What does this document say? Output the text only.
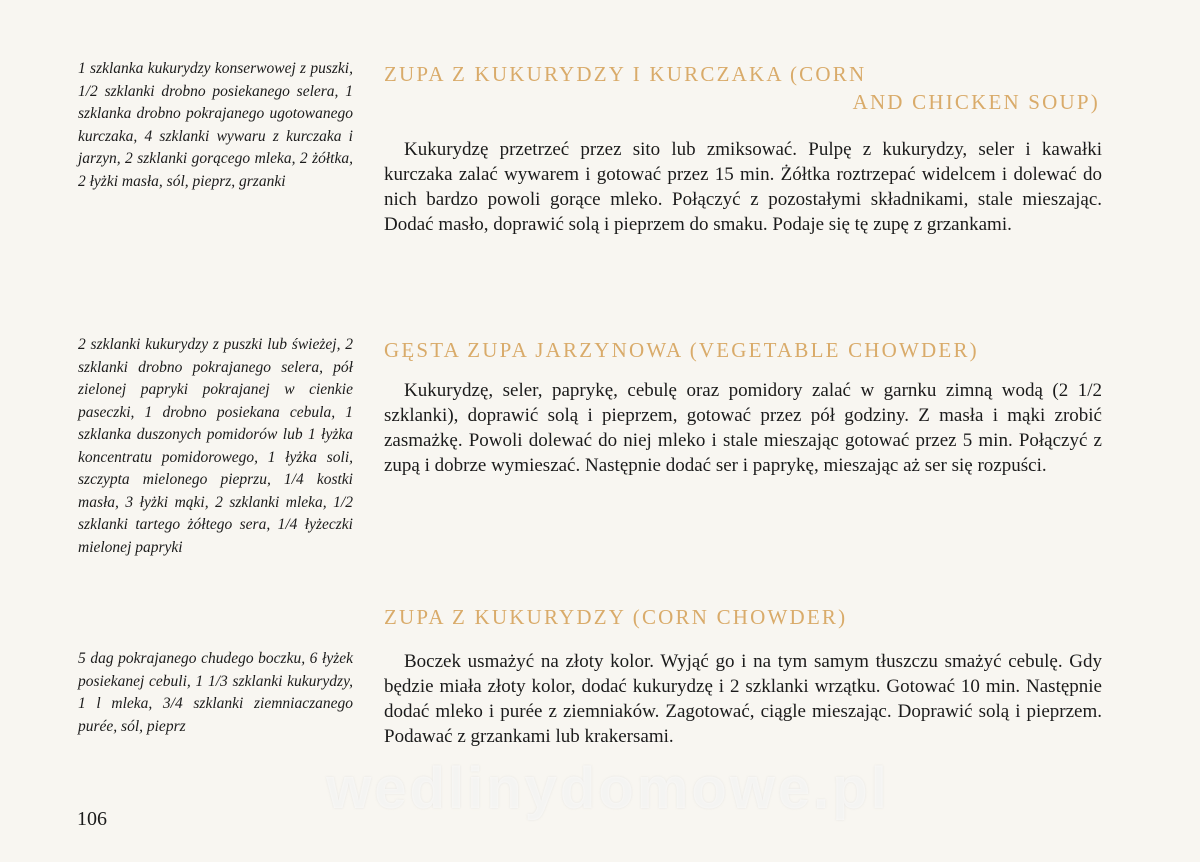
1 szklanka kukurydzy konserwowej z puszki, 1/2 szklanki drobno posiekanego selera, 1 szklanka drobno pokrajanego ugotowanego kurczaka, 4 szklanki wywaru z kurczaka i jarzyn, 2 szklanki gorącego mleka, 2 żółtka, 2 łyżki masła, sól, pieprz, grzanki

ZUPA Z KUKURYDZY I KURCZAKA (CORN
AND CHICKEN SOUP)

Kukurydzę przetrzeć przez sito lub zmiksować. Pulpę z kukurydzy, seler i kawałki kurczaka zalać wywarem i gotować przez 15 min. Żółtka roztrzepać widelcem i dolewać do nich bardzo powoli gorące mleko. Połączyć z pozostałymi składnikami, stale mieszając. Dodać masło, doprawić solą i pieprzem do smaku. Podaje się tę zupę z grzankami.

2 szklanki kukurydzy z puszki lub świeżej, 2 szklanki drobno pokrajanego selera, pół zielonej papryki pokrajanej w cienkie paseczki, 1 drobno posiekana cebula, 1 szklanka duszonych pomidorów lub 1 łyżka koncentratu pomidorowego, 1 łyżka soli, szczypta mielonego pieprzu, 1/4 kostki masła, 3 łyżki mąki, 2 szklanki mleka, 1/2 szklanki tartego żółtego sera, 1/4 łyżeczki mielonej papryki

GĘSTA ZUPA JARZYNOWA (VEGETABLE CHOWDER)

Kukurydzę, seler, paprykę, cebulę oraz pomidory zalać w garnku zimną wodą (2 1/2 szklanki), doprawić solą i pieprzem, gotować przez pół godziny. Z masła i mąki zrobić zasmażkę. Powoli dolewać do niej mleko i stale mieszając gotować przez 5 min. Połączyć z zupą i dobrze wymieszać. Następnie dodać ser i paprykę, mieszając aż ser się rozpuści.

5 dag pokrajanego chudego boczku, 6 łyżek posiekanej cebuli, 1 1/3 szklanki kukurydzy, 1 l mleka, 3/4 szklanki ziemniaczanego purée, sól, pieprz

ZUPA Z KUKURYDZY (CORN CHOWDER)

Boczek usmażyć na złoty kolor. Wyjąć go i na tym samym tłuszczu smażyć cebulę. Gdy będzie miała złoty kolor, dodać kukurydzę i 2 szklanki wrzątku. Gotować 10 min. Następnie dodać mleko i purée z ziemniaków. Zagotować, ciągle mieszając. Doprawić solą i pieprzem. Podawać z grzankami lub krakersami.

wedlinydomowe.pl

106
